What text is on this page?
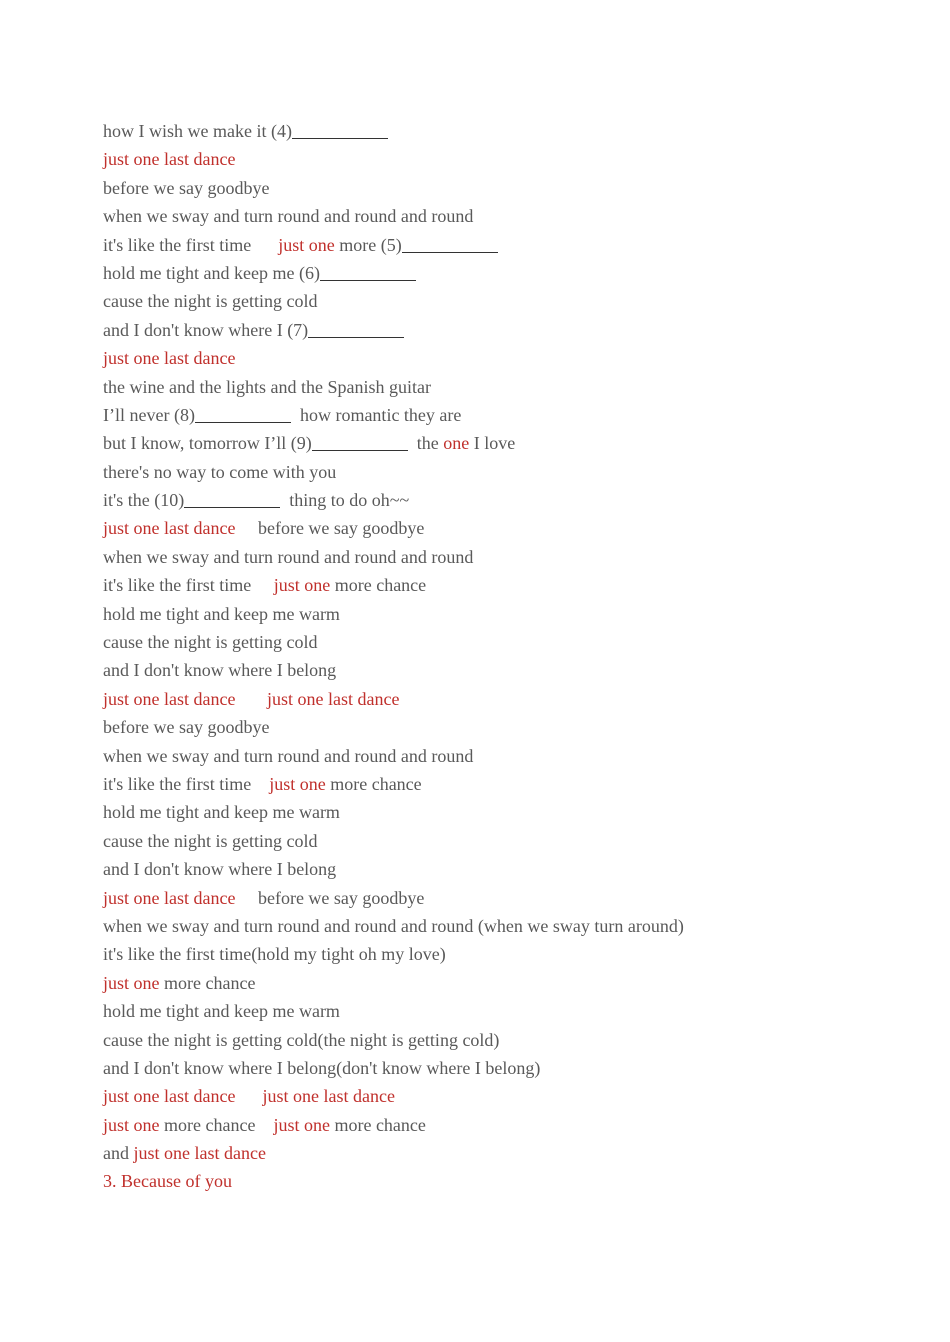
how I wish we make it (4)
just one last dance
before we say goodbye
when we sway and turn round and round and round
it's like the first time      just one more (5)
hold me tight and keep me (6)
cause the night is getting cold
and I don't know where I (7)
just one last dance
the wine and the lights and the Spanish guitar
I’ll never (8)	how romantic they are
but I know, tomorrow I’ll (9)	the one I love
there's no way to come with you
it's the (10)	thing to do oh~~
just one last dance     before we say goodbye
when we sway and turn round and round and round
it's like the first time     just one more chance
hold me tight and keep me warm
cause the night is getting cold
and I don't know where I belong
just one last dance just one last dance
before we say goodbye
when we sway and turn round and round and round
it's like the first time    just one more chance
hold me tight and keep me warm
cause the night is getting cold
and I don't know where I belong
just one last dance     before we say goodbye
when we sway and turn round and round and round (when we sway turn around)
it's like the first time(hold my tight oh my love)
just one more chance
hold me tight and keep me warm
cause the night is getting cold(the night is getting cold)
and I don't know where I belong(don't know where I belong)
just one last dance just one last dance
just one more chance    just one more chance
and just one last dance
3. Because of you
